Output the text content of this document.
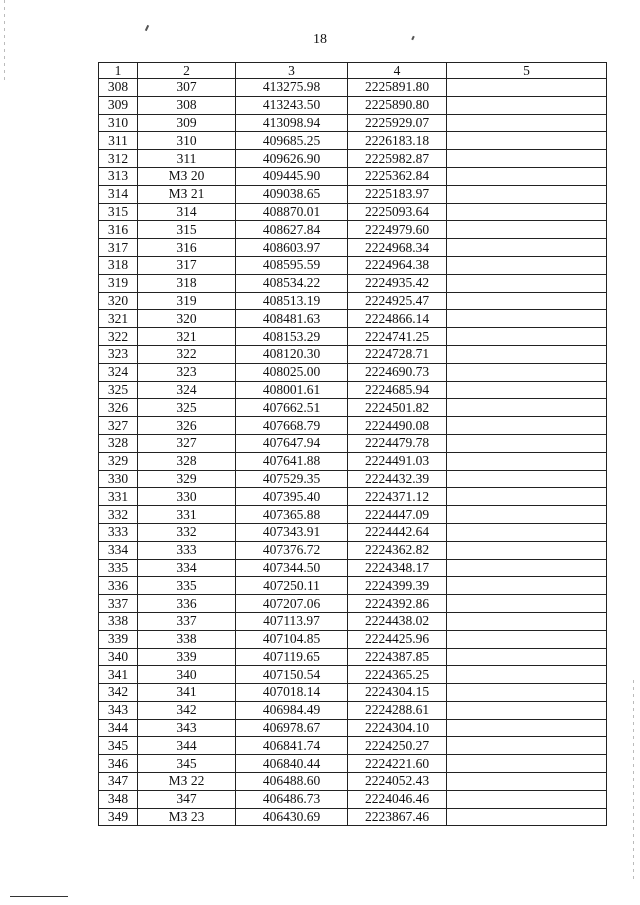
18
1	2	3	4	5
308	307	413275.98	2225891.80	
309	308	413243.50	2225890.80	
310	309	413098.94	2225929.07	
311	310	409685.25	2226183.18	
312	311	409626.90	2225982.87	
313	МЗ 20	409445.90	2225362.84	
314	МЗ 21	409038.65	2225183.97	
315	314	408870.01	2225093.64	
316	315	408627.84	2224979.60	
317	316	408603.97	2224968.34	
318	317	408595.59	2224964.38	
319	318	408534.22	2224935.42	
320	319	408513.19	2224925.47	
321	320	408481.63	2224866.14	
322	321	408153.29	2224741.25	
323	322	408120.30	2224728.71	
324	323	408025.00	2224690.73	
325	324	408001.61	2224685.94	
326	325	407662.51	2224501.82	
327	326	407668.79	2224490.08	
328	327	407647.94	2224479.78	
329	328	407641.88	2224491.03	
330	329	407529.35	2224432.39	
331	330	407395.40	2224371.12	
332	331	407365.88	2224447.09	
333	332	407343.91	2224442.64	
334	333	407376.72	2224362.82	
335	334	407344.50	2224348.17	
336	335	407250.11	2224399.39	
337	336	407207.06	2224392.86	
338	337	407113.97	2224438.02	
339	338	407104.85	2224425.96	
340	339	407119.65	2224387.85	
341	340	407150.54	2224365.25	
342	341	407018.14	2224304.15	
343	342	406984.49	2224288.61	
344	343	406978.67	2224304.10	
345	344	406841.74	2224250.27	
346	345	406840.44	2224221.60	
347	МЗ 22	406488.60	2224052.43	
348	347	406486.73	2224046.46	
349	МЗ 23	406430.69	2223867.46	
